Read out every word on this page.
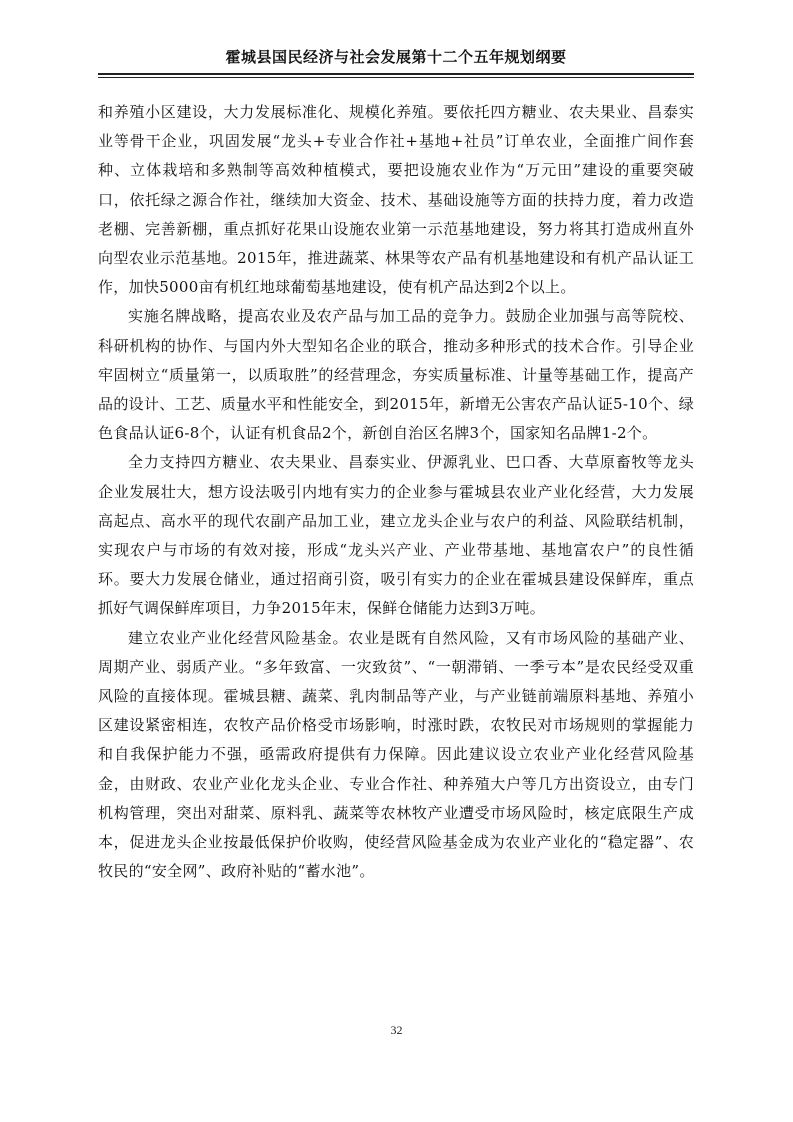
霍城县国民经济与社会发展第十二个五年规划纲要

和养殖小区建设，大力发展标准化、规模化养殖。要依托四方糖业、农夫果业、昌泰实业等骨干企业，巩固发展“龙头+专业合作社+基地+社员”订单农业，全面推广间作套种、立体栽培和多熟制等高效种植模式，要把设施农业作为“万元田”建设的重要突破口，依托绿之源合作社，继续加大资金、技术、基础设施等方面的扶持力度，着力改造老棚、完善新棚，重点抓好花果山设施农业第一示范基地建设，努力将其打造成州直外向型农业示范基地。2015年，推进蔬菜、林果等农产品有机基地建设和有机产品认证工作，加快5000亩有机红地球葡萄基地建设，使有机产品达到2个以上。

实施名牌战略，提高农业及农产品与加工品的竞争力。鼓励企业加强与高等院校、科研机构的协作、与国内外大型知名企业的联合，推动多种形式的技术合作。引导企业牢固树立“质量第一，以质取胜”的经营理念，夯实质量标准、计量等基础工作，提高产品的设计、工艺、质量水平和性能安全，到2015年，新增无公害农产品认证5-10个、绿色食品认证6-8个，认证有机食品2个，新创自治区名牌3个，国家知名品牌1-2个。

全力支持四方糖业、农夫果业、昌泰实业、伊源乳业、巴口香、大草原畜牧等龙头企业发展壮大，想方设法吸引内地有实力的企业参与霍城县农业产业化经营，大力发展高起点、高水平的现代农副产品加工业，建立龙头企业与农户的利益、风险联结机制，实现农户与市场的有效对接，形成“龙头兴产业、产业带基地、基地富农户”的良性循环。要大力发展仓储业，通过招商引资，吸引有实力的企业在霍城县建设保鲜库，重点抓好气调保鲜库项目，力争2015年末，保鲜仓储能力达到3万吨。

建立农业产业化经营风险基金。农业是既有自然风险，又有市场风险的基础产业、周期产业、弱质产业。“多年致富、一灾致贫”、“一朝滞销、一季亏本”是农民经受双重风险的直接体现。霍城县糖、蔬菜、乳肉制品等产业，与产业链前端原料基地、养殖小区建设紧密相连，农牧产品价格受市场影响，时涨时跌，农牧民对市场规则的掌握能力和自我保护能力不强，亟需政府提供有力保障。因此建议设立农业产业化经营风险基金，由财政、农业产业化龙头企业、专业合作社、种养殖大户等几方出资设立，由专门机构管理，突出对甜菜、原料乳、蔬菜等农林牧产业遭受市场风险时，核定底限生产成本，促进龙头企业按最低保护价收购，使经营风险基金成为农业产业化的“稳定器”、农牧民的“安全网”、政府补贴的“蓄水池”。

32
